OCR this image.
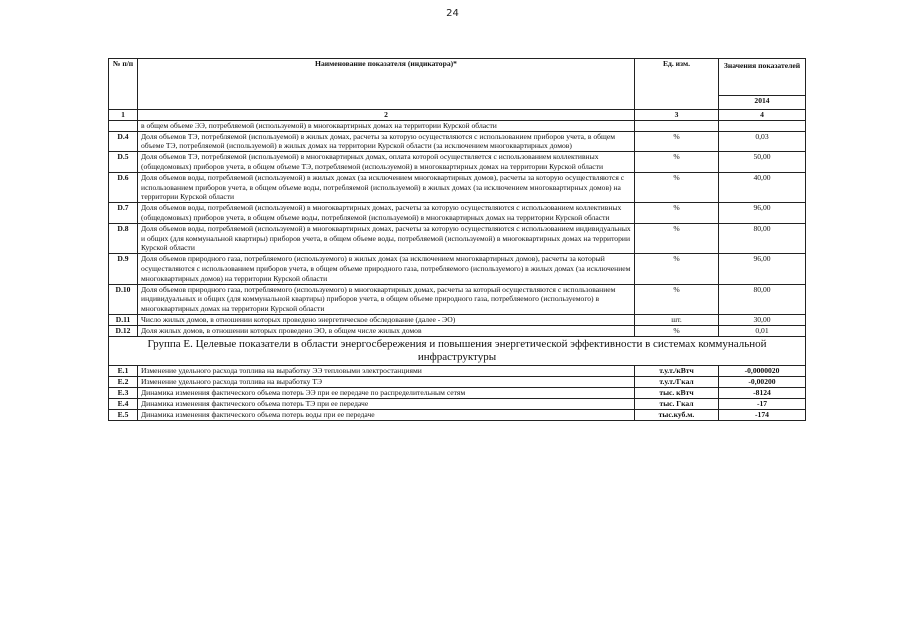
24
№ п/п	Наименование показателя (индикатора)*	Ед. изм.	Значения показателей
			2014
1	2	3	4
	в общем объеме ЭЭ, потребляемой (используемой) в многоквартирных домах на территории Курской области		
D.4	Доля объемов ТЭ, потребляемой (используемой) в жилых домах, расчеты за которую осуществляются с использованием приборов учета, в общем объеме ТЭ, потребляемой (используемой) в жилых домах на территории Курской области (за исключением многоквартирных домов)	%	0,03
D.5	Доля объемов ТЭ, потребляемой (используемой) в многоквартирных домах, оплата которой осуществляется с использованием коллективных (общедомовых) приборов учета, в общем объеме ТЭ, потребляемой (используемой) в многоквартирных домах на территории Курской области	%	50,00
D.6	Доля объемов воды, потребляемой (используемой) в жилых домах (за исключением многоквартирных домов), расчеты за которую осуществляются с использованием приборов учета, в общем объеме воды, потребляемой (используемой) в жилых домах (за исключением многоквартирных домов) на территории Курской области	%	40,00
D.7	Доля объемов воды, потребляемой (используемой) в многоквартирных домах, расчеты за которую осуществляются с использованием коллективных (общедомовых) приборов учета, в общем объеме воды, потребляемой (используемой) в многоквартирных домах на территории Курской области	%	96,00
D.8	Доля объемов воды, потребляемой (используемой) в многоквартирных домах, расчеты за которую осуществляются с использованием индивидуальных и общих (для коммунальной квартиры) приборов учета, в общем объеме воды, потребляемой (используемой) в многоквартирных домах на территории Курской области	%	80,00
D.9	Доля объемов природного газа, потребляемого (используемого) в жилых домах (за исключением многоквартирных домов), расчеты за который осуществляются с использованием приборов учета, в общем объеме природного газа, потребляемого (используемого) в жилых домах (за исключением многоквартирных домов) на территории Курской области	%	96,00
D.10	Доля объемов природного газа, потребляемого (используемого) в многоквартирных домах, расчеты за который осуществляются с использованием индивидуальных и общих (для коммунальной квартиры) приборов учета, в общем объеме природного газа, потребляемого (используемого) в многоквартирных домах на территории Курской области	%	80,00
D.11	Число жилых домов, в отношении которых проведено энергетическое обследование (далее - ЭО)	шт.	30,00
D.12	Доля жилых домов, в отношении которых проведено ЭО, в общем числе жилых домов	%	0,01
Группа Е. Целевые показатели в области энергосбережения и повышения энергетической эффективности в системах коммунальной инфраструктуры			
E.1	Изменение удельного расхода топлива на выработку ЭЭ тепловыми электростанциями	т.у.т./кВтч	-0,0000020
E.2	Изменение удельного расхода топлива на выработку ТЭ	т.у.т./Гкал	-0,00200
E.3	Динамика изменения фактического объема потерь ЭЭ при ее передаче по распределительным сетям	тыс. кВтч	-8124
E.4	Динамика изменения фактического объема потерь ТЭ при ее передаче	тыс. Гкал	-17
E.5	Динамика изменения фактического объема потерь воды при ее передаче	тыс.куб.м.	-174
